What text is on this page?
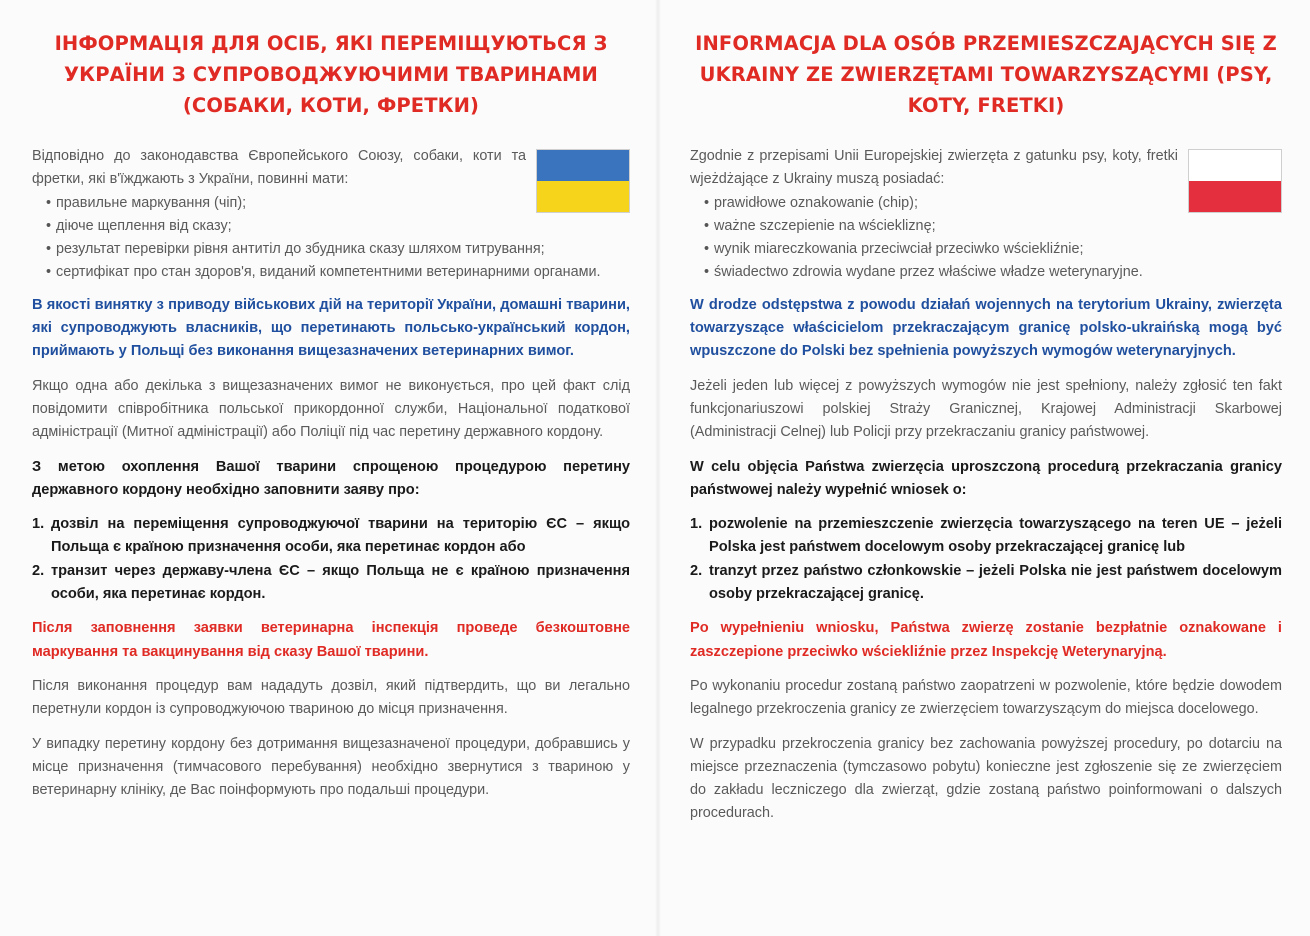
ІНФОРМАЦІЯ ДЛЯ ОСІБ, ЯКІ ПЕРЕМІЩУЮТЬСЯ З УКРАЇНИ З СУПРОВОДЖУЮЧИМИ ТВАРИНАМИ (СОБАКИ, КОТИ, ФРЕТКИ)

Відповідно до законодавства Європейського Союзу, собаки, коти та фретки, які в'їжджають з України, повинні мати:

• правильне маркування (чіп);
• діюче щеплення від сказу;
• результат перевірки рівня антитіл до збудника сказу шляхом титрування;
• сертифікат про стан здоров'я, виданий компетентними ветеринарними органами.

В якості винятку з приводу військових дій на території України, домашні тварини, які супроводжують власників, що перетинають польсько-український кордон, приймають у Польщі без виконання вищезазначених ветеринарних вимог.

Якщо одна або декілька з вищезазначених вимог не виконується, про цей факт слід повідомити співробітника польської прикордонної служби, Національної податкової адміністрації (Митної адміністрації) або Поліції під час перетину державного кордону.

З метою охоплення Вашої тварини спрощеною процедурою перетину державного кордону необхідно заповнити заяву про:

1. дозвіл на переміщення супроводжуючої тварини на територію ЄС – якщо Польща є країною призначення особи, яка перетинає кордон або
2. транзит через державу-члена ЄС – якщо Польща не є країною призначення особи, яка перетинає кордон.

Після заповнення заявки ветеринарна інспекція проведе безкоштовне маркування та вакцинування від сказу Вашої тварини.

Після виконання процедур вам нададуть дозвіл, який підтвердить, що ви легально перетнули кордон із супроводжуючою твариною до місця призначення.

У випадку перетину кордону без дотримання вищезазначеної процедури, добравшись у місце призначення (тимчасового перебування) необхідно звернутися з твариною у ветеринарну клініку, де Вас поінформують про подальші процедури.

INFORMACJA DLA OSÓB PRZEMIESZCZAJĄCYCH SIĘ Z UKRAINY ZE ZWIERZĘTAMI TOWARZYSZĄCYMI (PSY, KOTY, FRETKI)

Zgodnie z przepisami Unii Europejskiej zwierzęta z gatunku psy, koty, fretki wjeżdżające z Ukrainy muszą posiadać:

• prawidłowe oznakowanie (chip);
• ważne szczepienie na wściekliznę;
• wynik miareczkowania przeciwciał przeciwko wściekliźnie;
• świadectwo zdrowia wydane przez właściwe władze weterynaryjne.

W drodze odstępstwa z powodu działań wojennych na terytorium Ukrainy, zwierzęta towarzyszące właścicielom przekraczającym granicę polsko-ukraińską mogą być wpuszczone do Polski bez spełnienia powyższych wymogów weterynaryjnych.

Jeżeli jeden lub więcej z powyższych wymogów nie jest spełniony, należy zgłosić ten fakt funkcjonariuszowi polskiej Straży Granicznej, Krajowej Administracji Skarbowej (Administracji Celnej) lub Policji przy przekraczaniu granicy państwowej.

W celu objęcia Państwa zwierzęcia uproszczoną procedurą przekraczania granicy państwowej należy wypełnić wniosek o:

1. pozwolenie na przemieszczenie zwierzęcia towarzyszącego na teren UE – jeżeli Polska jest państwem docelowym osoby przekraczającej granicę lub
2. tranzyt przez państwo członkowskie – jeżeli Polska nie jest państwem docelowym osoby przekraczającej granicę.

Po wypełnieniu wniosku, Państwa zwierzę zostanie bezpłatnie oznakowane i zaszczepione przeciwko wściekliźnie przez Inspekcję Weterynaryjną.

Po wykonaniu procedur zostaną państwo zaopatrzeni w pozwolenie, które będzie dowodem legalnego przekroczenia granicy ze zwierzęciem towarzyszącym do miejsca docelowego.

W przypadku przekroczenia granicy bez zachowania powyższej procedury, po dotarciu na miejsce przeznaczenia (tymczasowo pobytu) konieczne jest zgłoszenie się ze zwierzęciem do zakładu leczniczego dla zwierząt, gdzie zostaną państwo poinformowani o dalszych procedurach.
